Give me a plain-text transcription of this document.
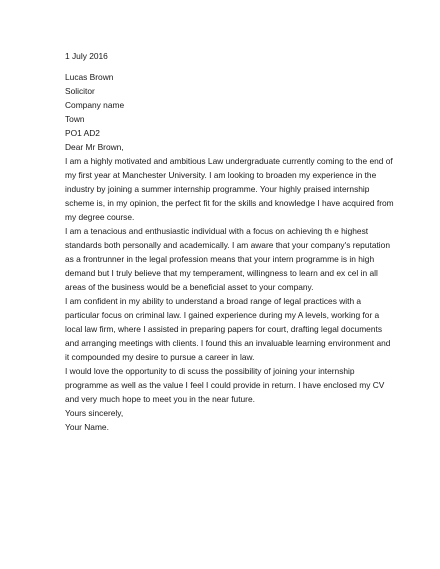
1 July 2016
Lucas Brown
Solicitor
Company name
Town
PO1 AD2
Dear Mr Brown,
I am a highly motivated and ambitious Law undergraduate currently coming to the end of
my first year at Manchester University. I am looking to broaden my experience in the
industry by joining a summer internship programme. Your highly praised internship
scheme is, in my opinion, the perfect fit for the skills and knowledge I have acquired from
my degree course.
I am a tenacious and enthusiastic individual with a focus on achieving th e highest
standards both personally and academically. I am aware that your company's reputation
as a frontrunner in the legal profession means that your intern programme is in high
demand but I truly believe that my temperament, willingness to learn and ex cel in all
areas of the business would be a beneficial asset to your company.
I am confident in my ability to understand a broad range of legal practices with a
particular focus on criminal law. I gained experience during my A levels, working for a
local law firm, where I assisted in preparing papers for court, drafting legal documents
and arranging meetings with clients. I found this an invaluable learning environment and
it compounded my desire to pursue a career in law.
I would love the opportunity to di scuss the possibility of joining your internship
programme as well as the value I feel I could provide in return. I have enclosed my CV
and very much hope to meet you in the near future.
Yours sincerely,
Your Name.
